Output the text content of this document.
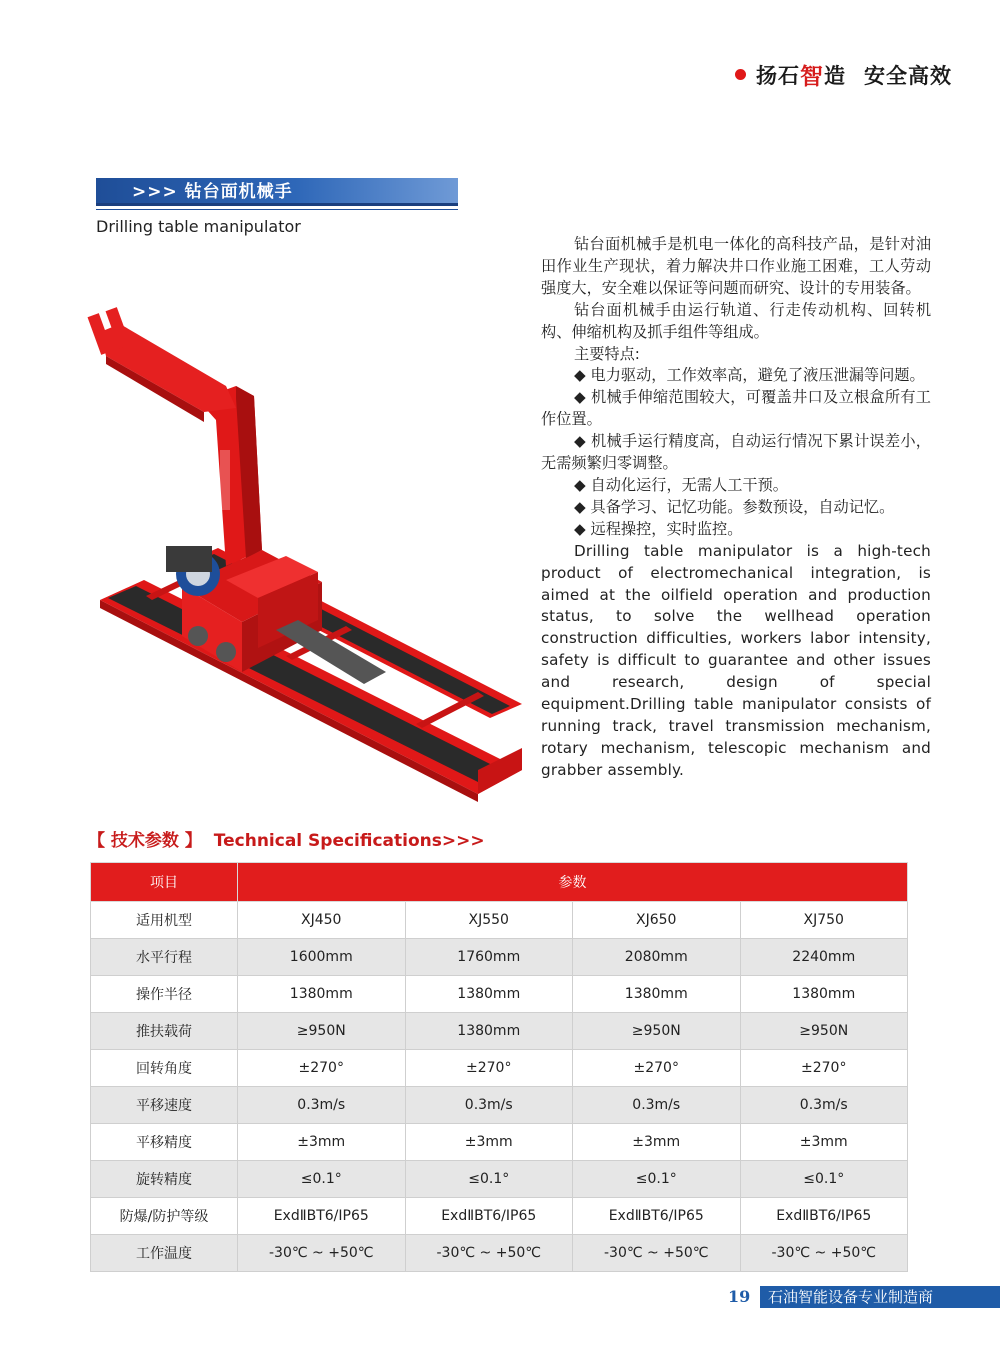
扬石 智 造 安全高效
>>> 钻台面机械手
Drilling table manipulator

钻台面机械手是机电一体化的高科技产品，是针对油田作业生产现状，着力解决井口作业施工困难，工人劳动强度大，安全难以保证等问题而研究、设计的专用装备。

钻台面机械手由运行轨道、行走传动机构、回转机构、伸缩机构及抓手组件等组成。

主要特点:

◆ 电力驱动，工作效率高，避免了液压泄漏等问题。

◆ 机械手伸缩范围较大，可覆盖井口及立根盒所有工作位置。

◆ 机械手运行精度高，自动运行情况下累计误差小，无需频繁归零调整。

◆ 自动化运行，无需人工干预。

◆ 具备学习、记忆功能。参数预设，自动记忆。

◆ 远程操控，实时监控。

Drilling table manipulator is a high-tech product of electromechanical integration, is aimed at the oilfield operation and production status, to solve the wellhead operation construction difficulties, workers labor intensity, safety is difficult to guarantee and other issues and research, design of special equipment.Drilling table manipulator consists of running track, travel transmission mechanism, rotary mechanism, telescopic mechanism and grabber assembly.

【 技术参数 】 Technical Specifications>>>
项目	参数			
适用机型	XJ450	XJ550	XJ650	XJ750
水平行程	1600mm	1760mm	2080mm	2240mm
操作半径	1380mm	1380mm	1380mm	1380mm
推扶载荷	≥950N	1380mm	≥950N	≥950N
回转角度	±270°	±270°	±270°	±270°
平移速度	0.3m/s	0.3m/s	0.3m/s	0.3m/s
平移精度	±3mm	±3mm	±3mm	±3mm
旋转精度	≤0.1°	≤0.1°	≤0.1°	≤0.1°
防爆/防护等级	ExdⅡBT6/IP65	ExdⅡBT6/IP65	ExdⅡBT6/IP65	ExdⅡBT6/IP65
工作温度	-30℃ ~ +50℃	-30℃ ~ +50℃	-30℃ ~ +50℃	-30℃ ~ +50℃
19	石油智能设备专业制造商
